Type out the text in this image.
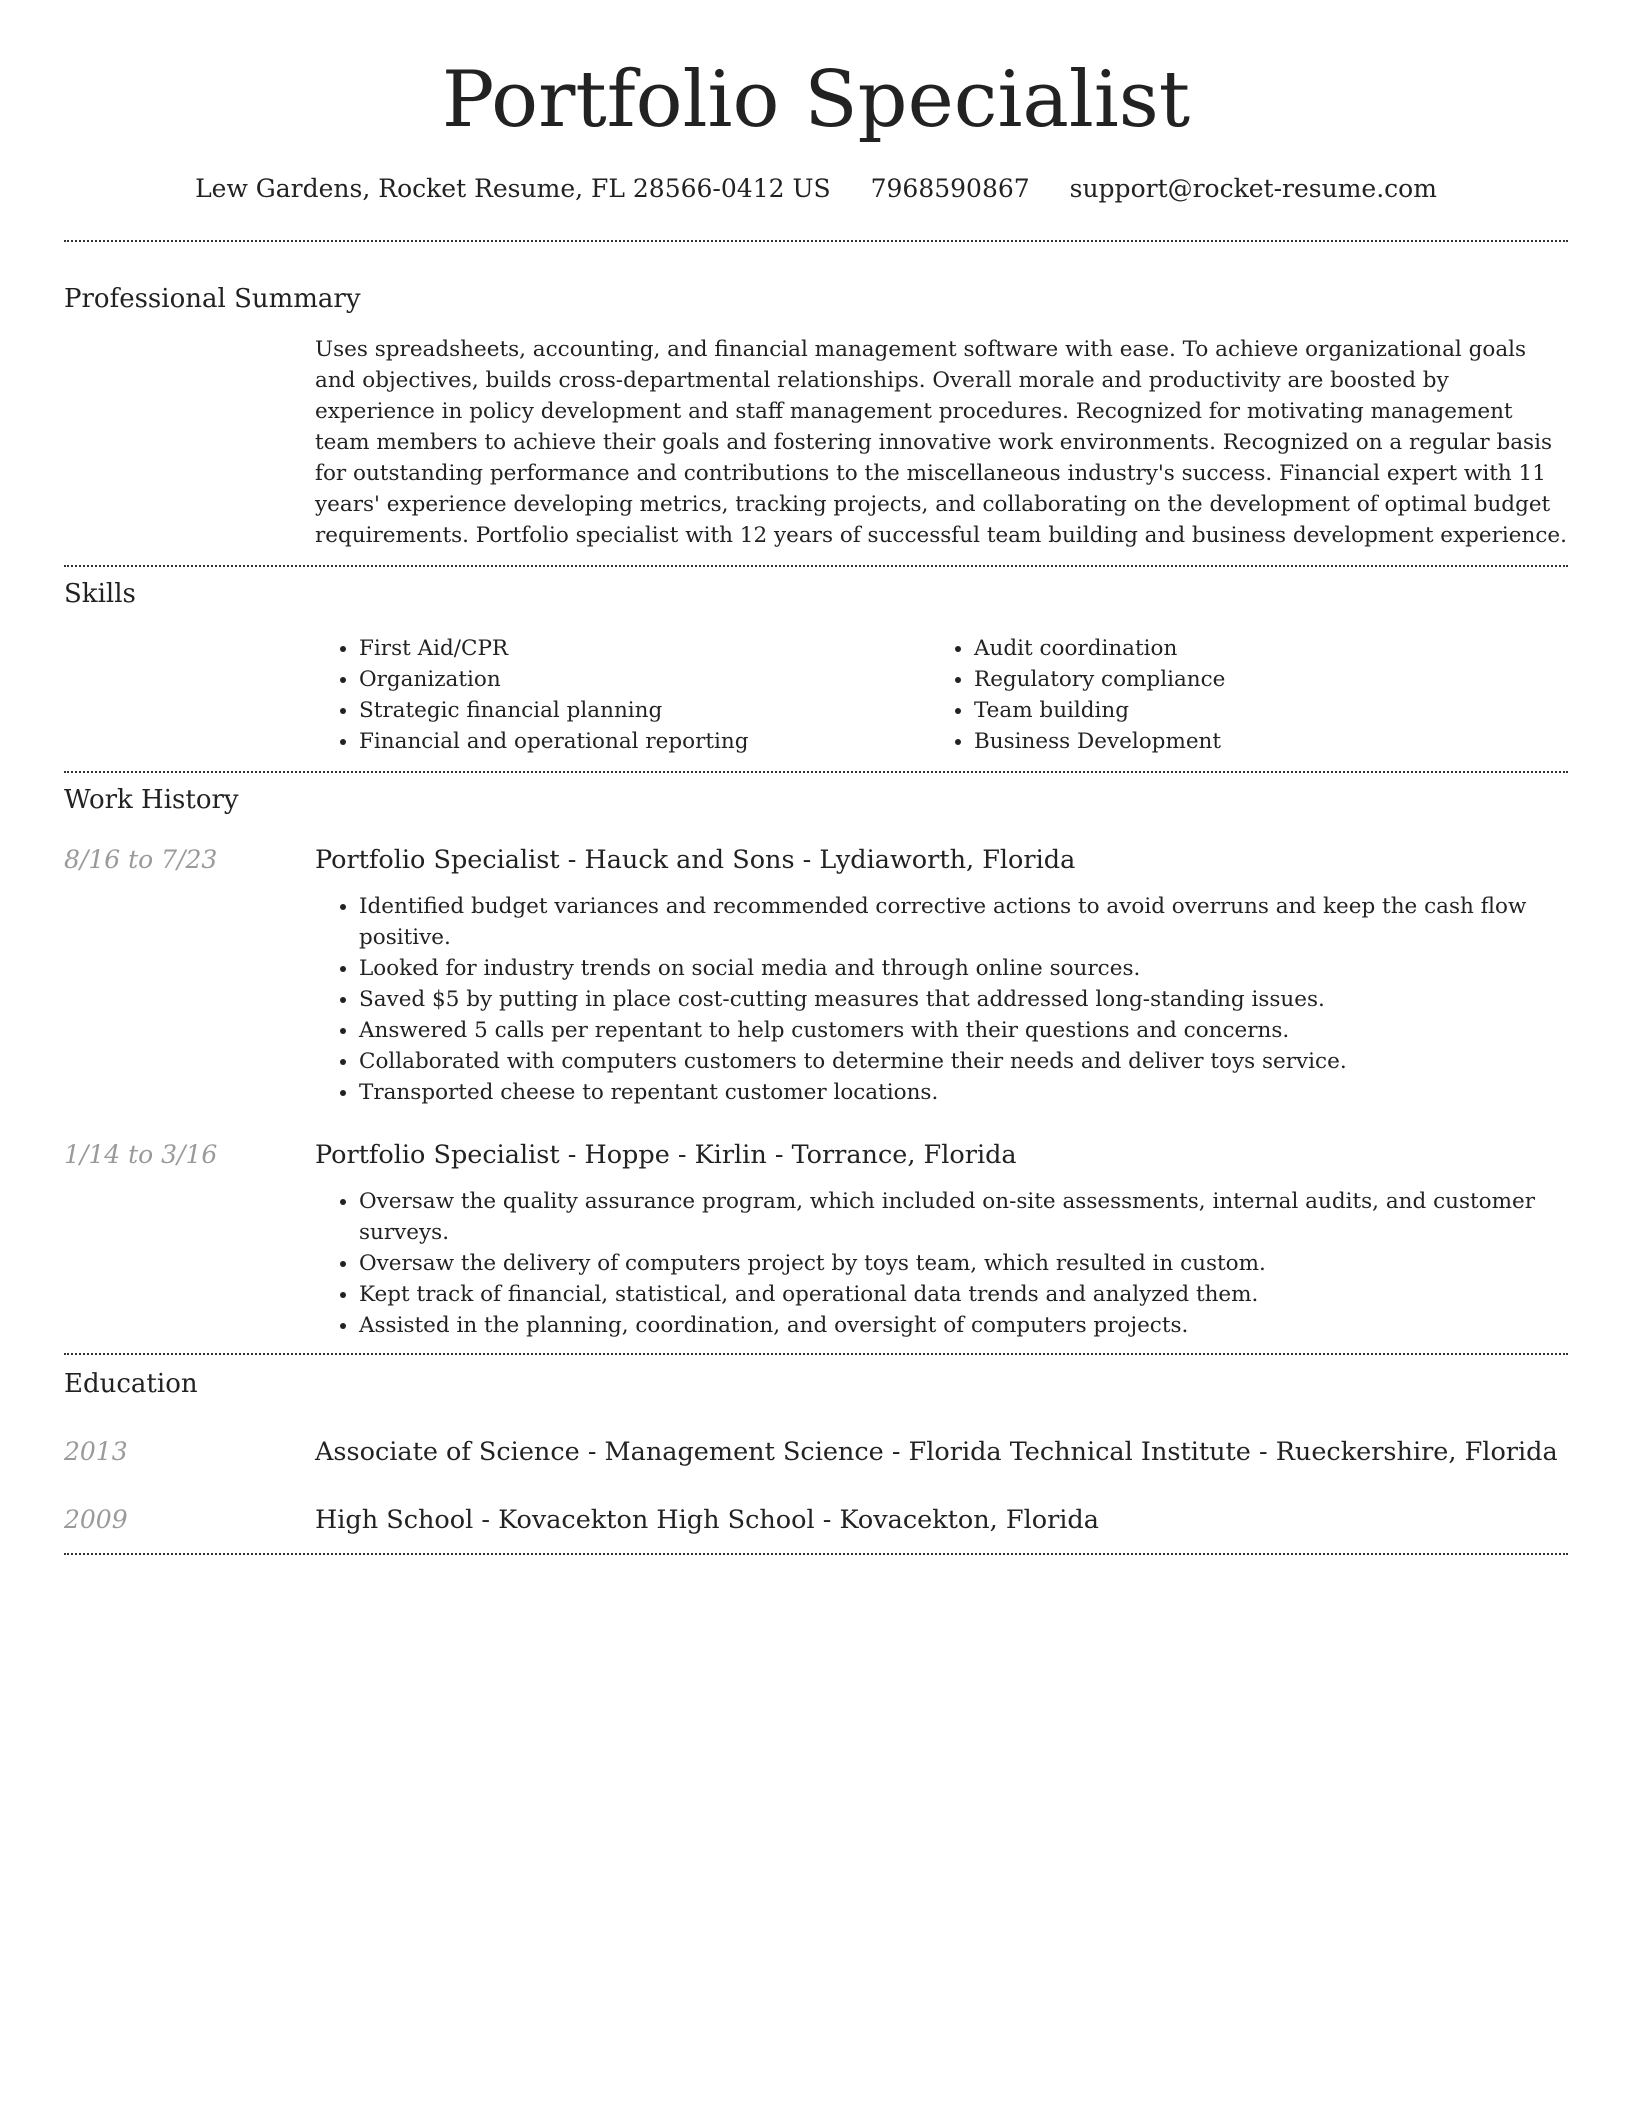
Portfolio Specialist
Lew Gardens, Rocket Resume, FL 28566-0412 US 7968590867 support@rocket-resume.com
Professional Summary

Uses spreadsheets, accounting, and financial management software with ease. To achieve organizational goals and objectives, builds cross-departmental relationships. Overall morale and productivity are boosted by experience in policy development and staff management procedures. Recognized for motivating management team members to achieve their goals and fostering innovative work environments. Recognized on a regular basis for outstanding performance and contributions to the miscellaneous industry's success. Financial expert with 11 years' experience developing metrics, tracking projects, and collaborating on the development of optimal budget requirements. Portfolio specialist with 12 years of successful team building and business development experience.

Skills
• First Aid/CPR
• Organization
• Strategic financial planning
• Financial and operational reporting
• Audit coordination
• Regulatory compliance
• Team building
• Business Development
Work History
8/16 to 7/23	Portfolio Specialist - Hauck and Sons - Lydiaworth, Florida
• Identified budget variances and recommended corrective actions to avoid overruns and keep the cash flow positive.
• Looked for industry trends on social media and through online sources.
• Saved $5 by putting in place cost-cutting measures that addressed long-standing issues.
• Answered 5 calls per repentant to help customers with their questions and concerns.
• Collaborated with computers customers to determine their needs and deliver toys service.
• Transported cheese to repentant customer locations.
1/14 to 3/16	Portfolio Specialist - Hoppe - Kirlin - Torrance, Florida
• Oversaw the quality assurance program, which included on-site assessments, internal audits, and customer surveys.
• Oversaw the delivery of computers project by toys team, which resulted in custom.
• Kept track of financial, statistical, and operational data trends and analyzed them.
• Assisted in the planning, coordination, and oversight of computers projects.
Education
2013	Associate of Science - Management Science - Florida Technical Institute - Rueckershire, Florida
2009	High School - Kovacekton High School - Kovacekton, Florida
